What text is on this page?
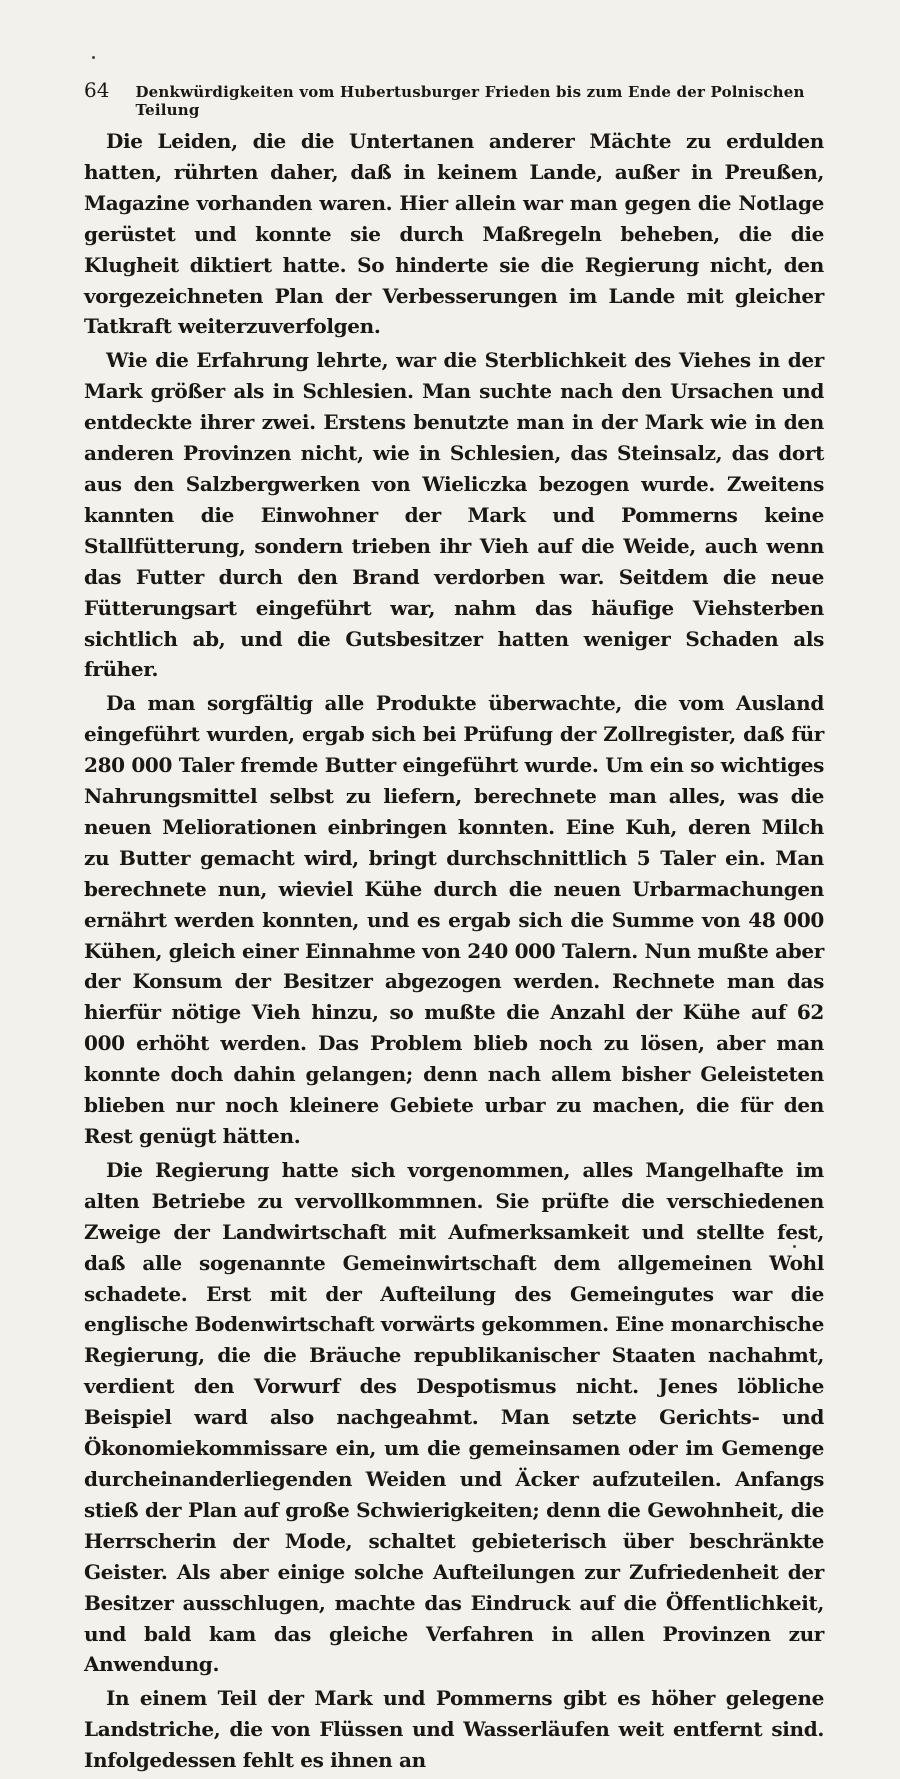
64 Denkwürdigkeiten vom Hubertusburger Frieden bis zum Ende der Polnischen Teilung

Die Leiden, die die Untertanen anderer Mächte zu erdulden hatten, rührten daher, daß in keinem Lande, außer in Preußen, Magazine vorhanden waren. Hier allein war man gegen die Notlage gerüstet und konnte sie durch Maßregeln beheben, die die Klugheit diktiert hatte. So hinderte sie die Regierung nicht, den vorgezeichneten Plan der Verbesserungen im Lande mit gleicher Tatkraft weiterzuverfolgen.

Wie die Erfahrung lehrte, war die Sterblichkeit des Viehes in der Mark größer als in Schlesien. Man suchte nach den Ursachen und entdeckte ihrer zwei. Erstens benutzte man in der Mark wie in den anderen Provinzen nicht, wie in Schlesien, das Steinsalz, das dort aus den Salzbergwerken von Wieliczka bezogen wurde. Zweitens kannten die Einwohner der Mark und Pommerns keine Stallfütterung, sondern trieben ihr Vieh auf die Weide, auch wenn das Futter durch den Brand verdorben war. Seitdem die neue Fütterungsart eingeführt war, nahm das häufige Viehsterben sichtlich ab, und die Gutsbesitzer hatten weniger Schaden als früher.

Da man sorgfältig alle Produkte überwachte, die vom Ausland eingeführt wurden, ergab sich bei Prüfung der Zollregister, daß für 280 000 Taler fremde Butter eingeführt wurde. Um ein so wichtiges Nahrungsmittel selbst zu liefern, berechnete man alles, was die neuen Meliorationen einbringen konnten. Eine Kuh, deren Milch zu Butter gemacht wird, bringt durchschnittlich 5 Taler ein. Man berechnete nun, wieviel Kühe durch die neuen Urbarmachungen ernährt werden konnten, und es ergab sich die Summe von 48 000 Kühen, gleich einer Einnahme von 240 000 Talern. Nun mußte aber der Konsum der Besitzer abgezogen werden. Rechnete man das hierfür nötige Vieh hinzu, so mußte die Anzahl der Kühe auf 62 000 erhöht werden. Das Problem blieb noch zu lösen, aber man konnte doch dahin gelangen; denn nach allem bisher Geleisteten blieben nur noch kleinere Gebiete urbar zu machen, die für den Rest genügt hätten.

Die Regierung hatte sich vorgenommen, alles Mangelhafte im alten Betriebe zu vervollkommnen. Sie prüfte die verschiedenen Zweige der Landwirtschaft mit Aufmerksamkeit und stellte fest, daß alle sogenannte Gemeinwirtschaft dem allgemeinen Wohl schadete. Erst mit der Aufteilung des Gemeingutes war die englische Bodenwirtschaft vorwärts gekommen. Eine monarchische Regierung, die die Bräuche republikanischer Staaten nachahmt, verdient den Vorwurf des Despotismus nicht. Jenes löbliche Beispiel ward also nachgeahmt. Man setzte Gerichts- und Ökonomiekommissare ein, um die gemeinsamen oder im Gemenge durcheinanderliegenden Weiden und Äcker aufzuteilen. Anfangs stieß der Plan auf große Schwierigkeiten; denn die Gewohnheit, die Herrscherin der Mode, schaltet gebieterisch über beschränkte Geister. Als aber einige solche Aufteilungen zur Zufriedenheit der Besitzer ausschlugen, machte das Eindruck auf die Öffentlichkeit, und bald kam das gleiche Verfahren in allen Provinzen zur Anwendung.

In einem Teil der Mark und Pommerns gibt es höher gelegene Landstriche, die von Flüssen und Wasserläufen weit entfernt sind. Infolgedessen fehlt es ihnen an
